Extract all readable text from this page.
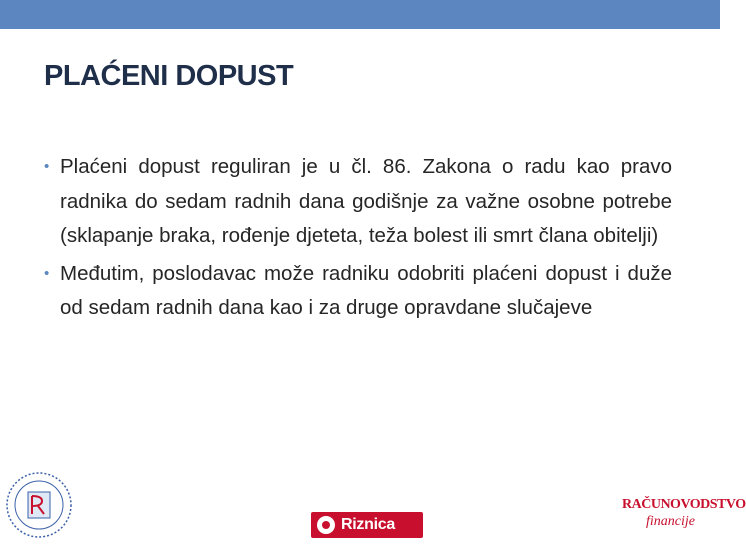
PLAĆENI DOPUST
• Plaćeni dopust reguliran je u čl. 86. Zakona o radu kao pravo radnika do sedam radnih dana godišnje za važne osobne potrebe (sklapanje braka, rođenje djeteta, teža bolest ili smrt člana obitelji)
• Međutim, poslodavac može radniku odobriti plaćeni dopust i duže od sedam radnih dana kao i za druge opravdane slučajeve
Riznica
RAČUNOVODSTVO
financije
